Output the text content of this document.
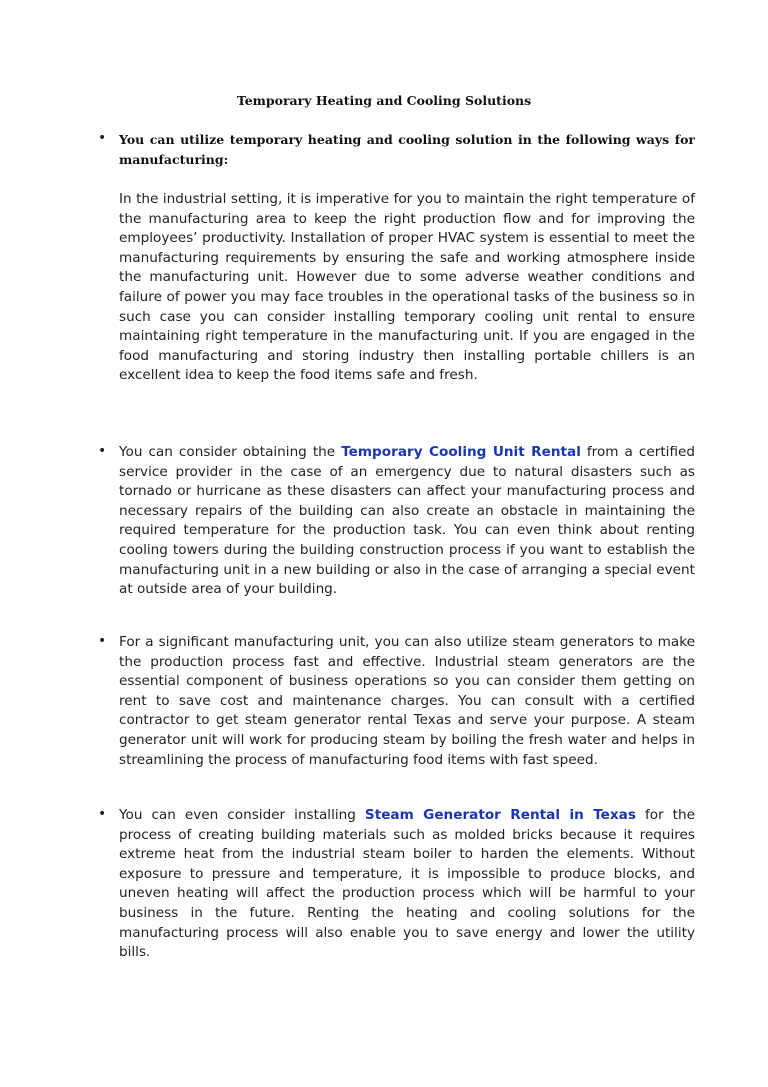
Temporary Heating and Cooling Solutions
• You can utilize temporary heating and cooling solution in the following ways for manufacturing:
In the industrial setting, it is imperative for you to maintain the right temperature of the manufacturing area to keep the right production flow and for improving the employees’ productivity. Installation of proper HVAC system is essential to meet the manufacturing requirements by ensuring the safe and working atmosphere inside the manufacturing unit. However due to some adverse weather conditions and failure of power you may face troubles in the operational tasks of the business so in such case you can consider installing temporary cooling unit rental to ensure maintaining right temperature in the manufacturing unit. If you are engaged in the food manufacturing and storing industry then installing portable chillers is an excellent idea to keep the food items safe and fresh.
• You can consider obtaining the Temporary Cooling Unit Rental from a certified service provider in the case of an emergency due to natural disasters such as tornado or hurricane as these disasters can affect your manufacturing process and necessary repairs of the building can also create an obstacle in maintaining the required temperature for the production task. You can even think about renting cooling towers during the building construction process if you want to establish the manufacturing unit in a new building or also in the case of arranging a special event at outside area of your building.
• For a significant manufacturing unit, you can also utilize steam generators to make the production process fast and effective. Industrial steam generators are the essential component of business operations so you can consider them getting on rent to save cost and maintenance charges. You can consult with a certified contractor to get steam generator rental Texas and serve your purpose. A steam generator unit will work for producing steam by boiling the fresh water and helps in streamlining the process of manufacturing food items with fast speed.
• You can even consider installing Steam Generator Rental in Texas for the process of creating building materials such as molded bricks because it requires extreme heat from the industrial steam boiler to harden the elements. Without exposure to pressure and temperature, it is impossible to produce blocks, and uneven heating will affect the production process which will be harmful to your business in the future. Renting the heating and cooling solutions for the manufacturing process will also enable you to save energy and lower the utility bills.
